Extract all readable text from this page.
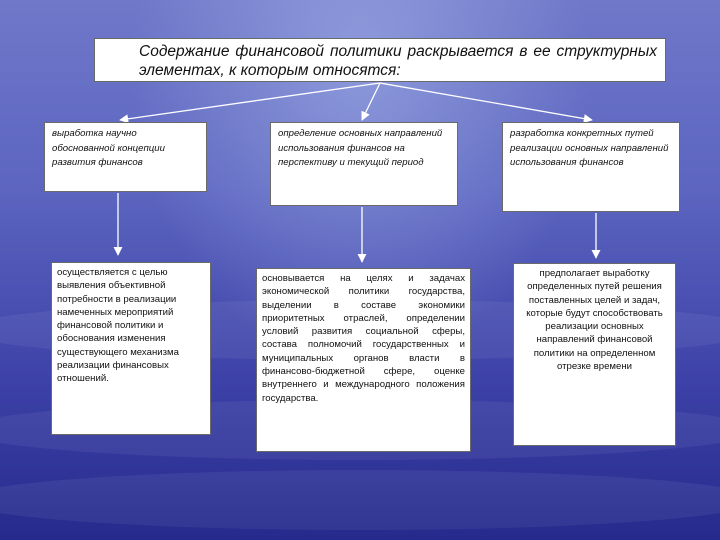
Содержание финансовой политики раскрывается в ее структурных элементах, к которым относятся:
выработка научно обоснованной концепции развития финансов
определение основных направлений использования финансов на перспективу и текущий период
разработка конкретных путей реализации основных направлений использования финансов
осуществляется с целью выявления объективной потребности в реализации намеченных мероприятий финансовой политики и обоснования изменения существующего механизма реализации финансовых отношений.
основывается на целях и задачах экономической политики государства, выделении в составе экономики приоритетных отраслей, определении условий развития социальной сферы, состава полномочий государственных и муниципальных органов власти в финансово-бюджетной сфере, оценке внутреннего и международного положения государства.
предполагает выработку определенных путей решения поставленных целей и задач, которые будут способствовать реализации основных направлений финансовой политики на определенном отрезке времени
